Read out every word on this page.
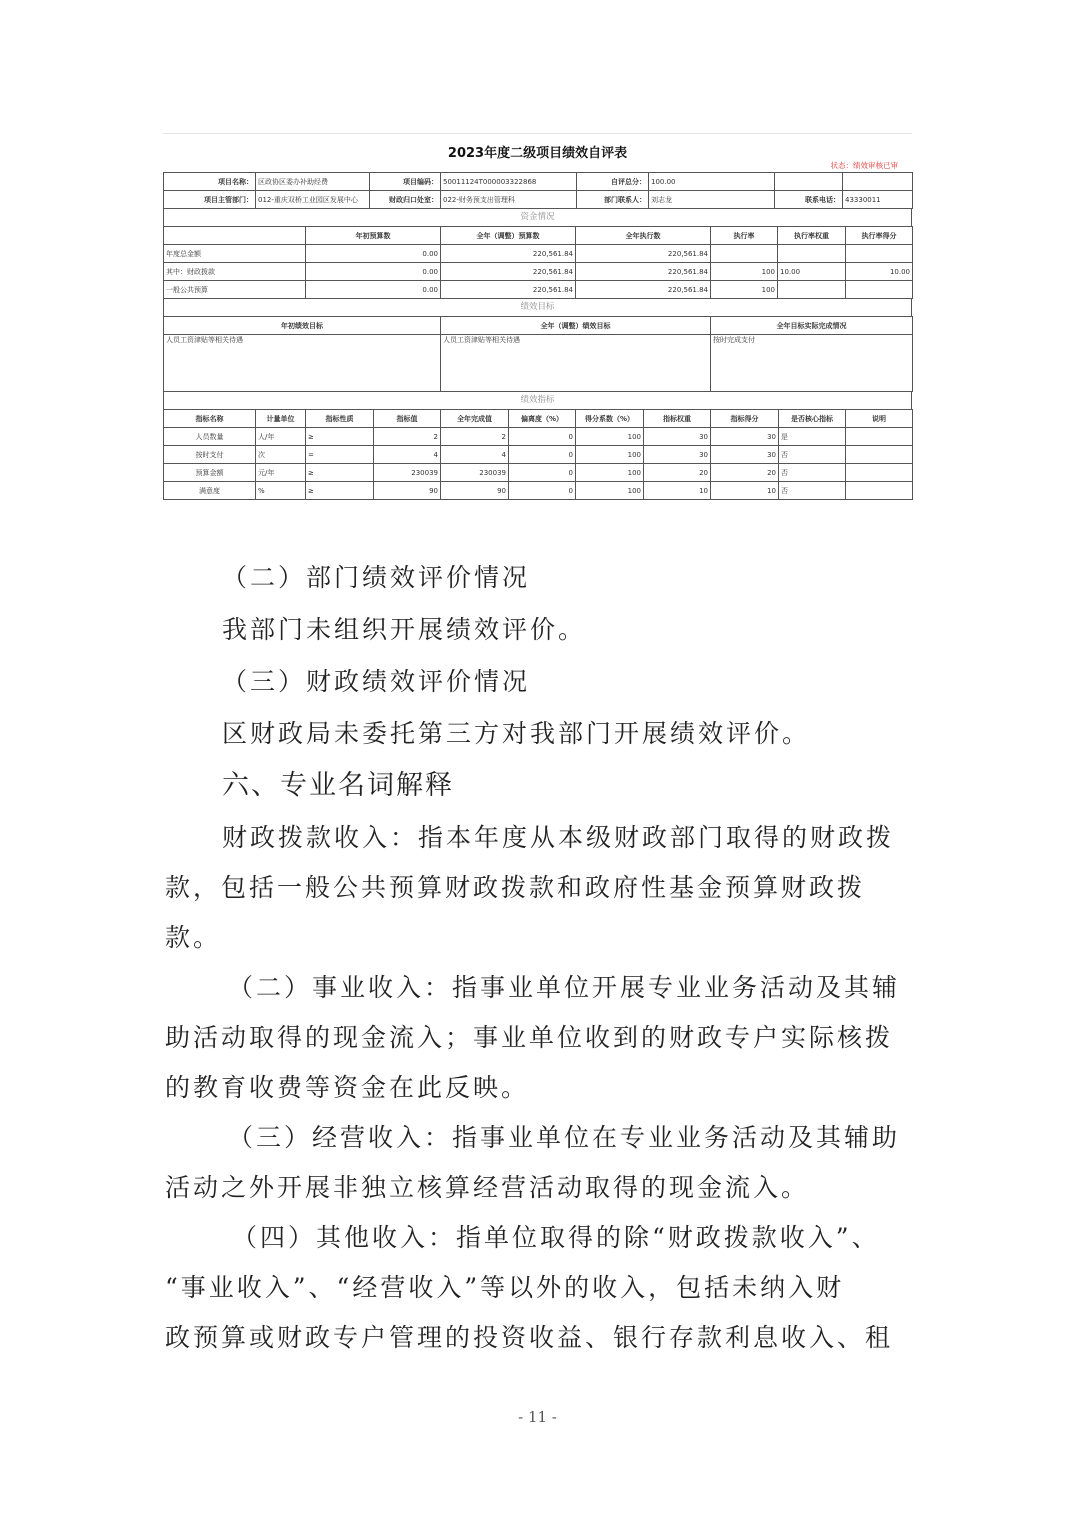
2023年度二级项目绩效自评表
状态：绩效审核已审
项目名称：	区政协区委办补助经费	项目编码：	50011124T000003322868	自评总分：	100.00		
项目主管部门：	012-重庆双桥工业园区发展中心	财政归口处室：	022-财务预支出管理科	部门联系人：	刘志龙	联系电话：	43330011
资金情况
	年初预算数	全年（调整）预算数	全年执行数	执行率	执行率权重	执行率得分
年度总金额	0.00	220,561.84	220,561.84			
其中：财政拨款	0.00	220,561.84	220,561.84	100	10.00	10.00
一般公共预算	0.00	220,561.84	220,561.84	100		
绩效目标
年初绩效目标	全年（调整）绩效目标	全年目标实际完成情况
人员工资津贴等相关待遇	人员工资津贴等相关待遇	按时完成支付
绩效指标
指标名称	计量单位	指标性质	指标值	全年完成值	偏离度（%）	得分系数（%）	指标权重	指标得分	是否核心指标	说明
人员数量	人/年	≥	2	2	0	100	30	30	是	
按时支付	次	=	4	4	0	100	30	30	否	
预算金额	元/年	≥	230039	230039	0	100	20	20	否	
满意度	%	≥	90	90	0	100	10	10	否	
（二）部门绩效评价情况
我部门未组织开展绩效评价。
（三）财政绩效评价情况
区财政局未委托第三方对我部门开展绩效评价。
六、专业名词解释
财政拨款收入：指本年度从本级财政部门取得的财政拨
款，包括一般公共预算财政拨款和政府性基金预算财政拨
款。
（二）事业收入：指事业单位开展专业业务活动及其辅
助活动取得的现金流入；事业单位收到的财政专户实际核拨
的教育收费等资金在此反映。
（三）经营收入：指事业单位在专业业务活动及其辅助
活动之外开展非独立核算经营活动取得的现金流入。
（四）其他收入：指单位取得的除“财政拨款收入”、
“事业收入”、“经营收入”等以外的收入，包括未纳入财
政预算或财政专户管理的投资收益、银行存款利息收入、租
- 11 -
